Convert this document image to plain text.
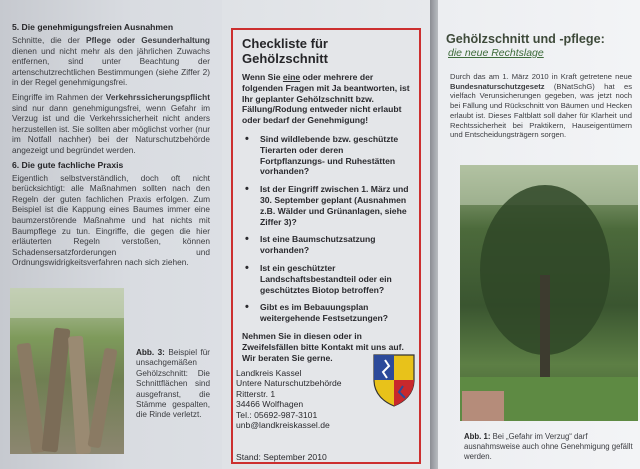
5. Die genehmigungsfreien Ausnahmen

Schnitte, die der Pflege oder Gesunderhaltung dienen und nicht mehr als den jährlichen Zuwachs entfernen, sind unter Beachtung der artenschutzrechtlichen Bestimmungen (siehe Ziffer 2) in der Regel genehmigungsfrei.

Eingriffe im Rahmen der Verkehrssicherungspflicht sind nur dann genehmigungsfrei, wenn Gefahr im Verzug ist und die Verkehrssicherheit nicht anders herzustellen ist. Sie sollten aber möglichst vorher (nur im Notfall nachher) bei der Naturschutzbehörde angezeigt und begründet werden.

6. Die gute fachliche Praxis

Eigentlich selbstverständlich, doch oft nicht berücksichtigt: alle Maßnahmen sollten nach den Regeln der guten fachlichen Praxis erfolgen. Zum Beispiel ist die Kappung eines Baumes immer eine baumzerstörende Maßnahme und hat nichts mit Baumpflege zu tun. Eingriffe, die gegen die hier erläuterten Regeln verstoßen, können Schadensersatzforderungen und Ordnungswidrigkeitsverfahren nach sich ziehen.

Abb. 3: Beispiel für unsachgemäßen Gehölzschnitt: Die Schnittflächen sind ausgefranst, die Stämme gespalten, die Rinde verletzt.
Checkliste für Gehölzschnitt

Wenn Sie eine oder mehrere der folgenden Fragen mit Ja beantworten, ist Ihr geplanter Gehölzschnitt bzw. Fällung/Rodung entweder nicht erlaubt oder bedarf der Genehmigung!

• Sind wildlebende bzw. geschützte Tierarten oder deren Fortpflanzungs- und Ruhestätten vorhanden?
• Ist der Eingriff zwischen 1. März und 30. September geplant (Ausnahmen z.B. Wälder und Grünanlagen, siehe Ziffer 3)?
• Ist eine Baumschutzsatzung vorhanden?
• Ist ein geschützter Landschaftsbestandteil oder ein geschütztes Biotop betroffen?
• Gibt es im Bebauungsplan weitergehende Festsetzungen?

Nehmen Sie in diesen oder in Zweifelsfällen bitte Kontakt mit uns auf. Wir beraten Sie gerne.

Landkreis Kassel
Untere Naturschutzbehörde
Ritterstr. 1
34466 Wolfhagen
Tel.: 05692-987-3101
unb@landkreiskassel.de
Stand: September 2010
Gehölzschnitt und -pflege:
die neue Rechtslage
Durch das am 1. März 2010 in Kraft getretene neue Bundesnaturschutzgesetz (BNatSchG) hat es vielfach Verunsicherungen gegeben, was jetzt noch bei Fällung und Rückschnitt von Bäumen und Hecken erlaubt ist. Dieses Faltblatt soll daher für Klarheit und Rechtssicherheit bei Praktikern, Hauseigentümern und Entscheidungsträgern sorgen.
Abb. 1: Bei „Gefahr im Verzug“ darf ausnahmsweise auch ohne Genehmigung gefällt werden.
